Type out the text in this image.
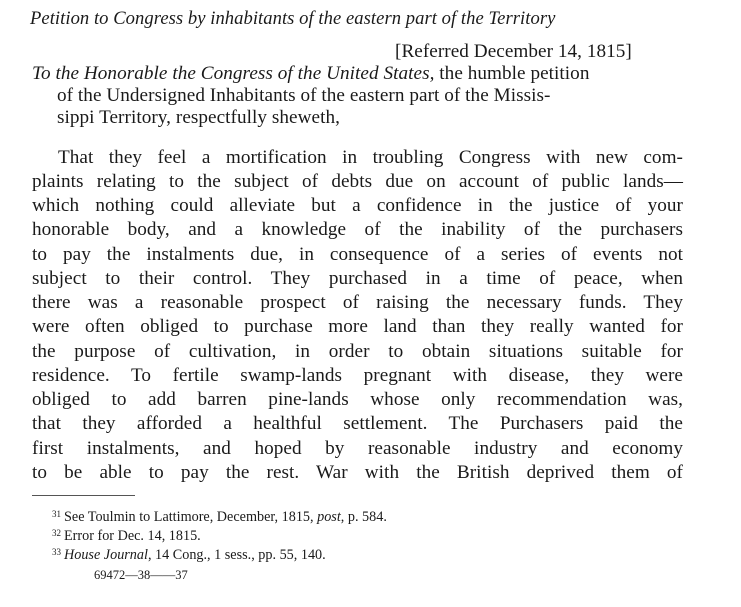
Petition to Congress by inhabitants of the eastern part of the Territory
[Referred December 14, 1815]
To the Honorable the Congress of the United States, the humble petition
of the Undersigned Inhabitants of the eastern part of the Missis-
sippi Territory, respectfully sheweth,
That they feel a mortification in troubling Congress with new com-
plaints relating to the subject of debts due on account of public lands—
which nothing could alleviate but a confidence in the justice of your
honorable body, and a knowledge of the inability of the purchasers
to pay the instalments due, in consequence of a series of events not
subject to their control. They purchased in a time of peace, when
there was a reasonable prospect of raising the necessary funds. They
were often obliged to purchase more land than they really wanted for
the purpose of cultivation, in order to obtain situations suitable for
residence. To fertile swamp-lands pregnant with disease, they were
obliged to add barren pine-lands whose only recommendation was,
that they afforded a healthful settlement. The Purchasers paid the
first instalments, and hoped by reasonable industry and economy
to be able to pay the rest. War with the British deprived them of
$^{31}$ See Toulmin to Lattimore, December, 1815, post, p. 584.
$^{32}$ Error for Dec. 14, 1815.
$^{33}$ House Journal, 14 Cong., 1 sess., pp. 55, 140.
69472—38——37
